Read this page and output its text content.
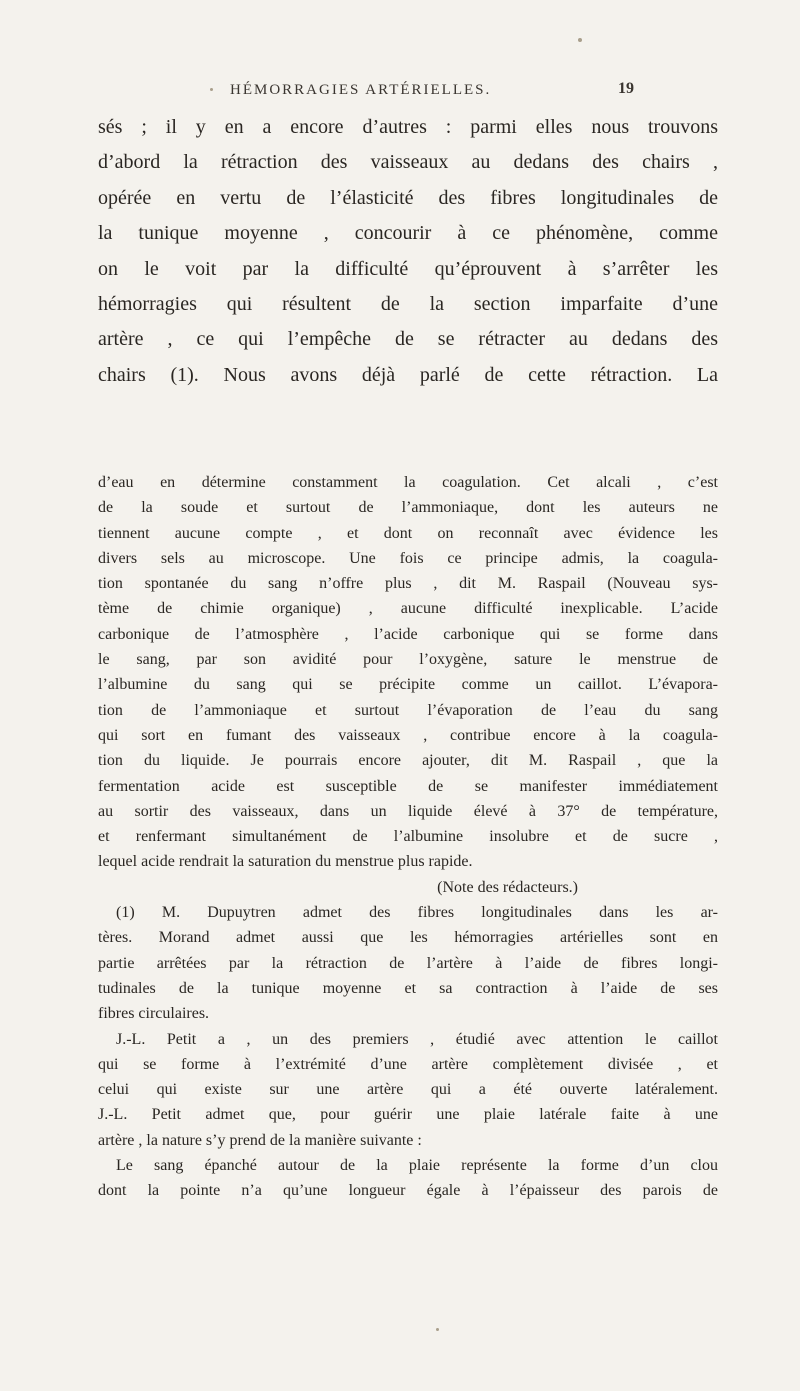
HÉMORRAGIES ARTÉRIELLES.	19
sés ; il y en a encore d’autres : parmi elles nous trouvons
d’abord la rétraction des vaisseaux au dedans des chairs ,
opérée en vertu de l’élasticité des fibres longitudinales de
la tunique moyenne , concourir à ce phénomène, comme
on le voit par la difficulté qu’éprouvent à s’arrêter les
hémorragies qui résultent de la section imparfaite d’une
artère , ce qui l’empêche de se rétracter au dedans des
chairs (1). Nous avons déjà parlé de cette rétraction. La
d’eau en détermine constamment la coagulation. Cet alcali , c’est
de la soude et surtout de l’ammoniaque, dont les auteurs ne
tiennent aucune compte , et dont on reconnaît avec évidence les
divers sels au microscope. Une fois ce principe admis, la coagula-
tion spontanée du sang n’offre plus , dit M. Raspail (Nouveau sys-
tème de chimie organique) , aucune difficulté inexplicable. L’acide
carbonique de l’atmosphère , l’acide carbonique qui se forme dans
le sang, par son avidité pour l’oxygène, sature le menstrue de
l’albumine du sang qui se précipite comme un caillot. L’évapora-
tion de l’ammoniaque et surtout l’évaporation de l’eau du sang
qui sort en fumant des vaisseaux , contribue encore à la coagula-
tion du liquide. Je pourrais encore ajouter, dit M. Raspail , que la
fermentation acide est susceptible de se manifester immédiatement
au sortir des vaisseaux, dans un liquide élevé à 37° de température,
et renfermant simultanément de l’albumine insolubre et de sucre ,
lequel acide rendrait la saturation du menstrue plus rapide.
(Note des rédacteurs.)
(1) M. Dupuytren admet des fibres longitudinales dans les ar-
tères. Morand admet aussi que les hémorragies artérielles sont en
partie arrêtées par la rétraction de l’artère à l’aide de fibres longi-
tudinales de la tunique moyenne et sa contraction à l’aide de ses
fibres circulaires.
J.-L. Petit a , un des premiers , étudié avec attention le caillot
qui se forme à l’extrémité d’une artère complètement divisée , et
celui qui existe sur une artère qui a été ouverte latéralement.
J.-L. Petit admet que, pour guérir une plaie latérale faite à une
artère , la nature s’y prend de la manière suivante :
Le sang épanché autour de la plaie représente la forme d’un clou
dont la pointe n’a qu’une longueur égale à l’épaisseur des parois de
